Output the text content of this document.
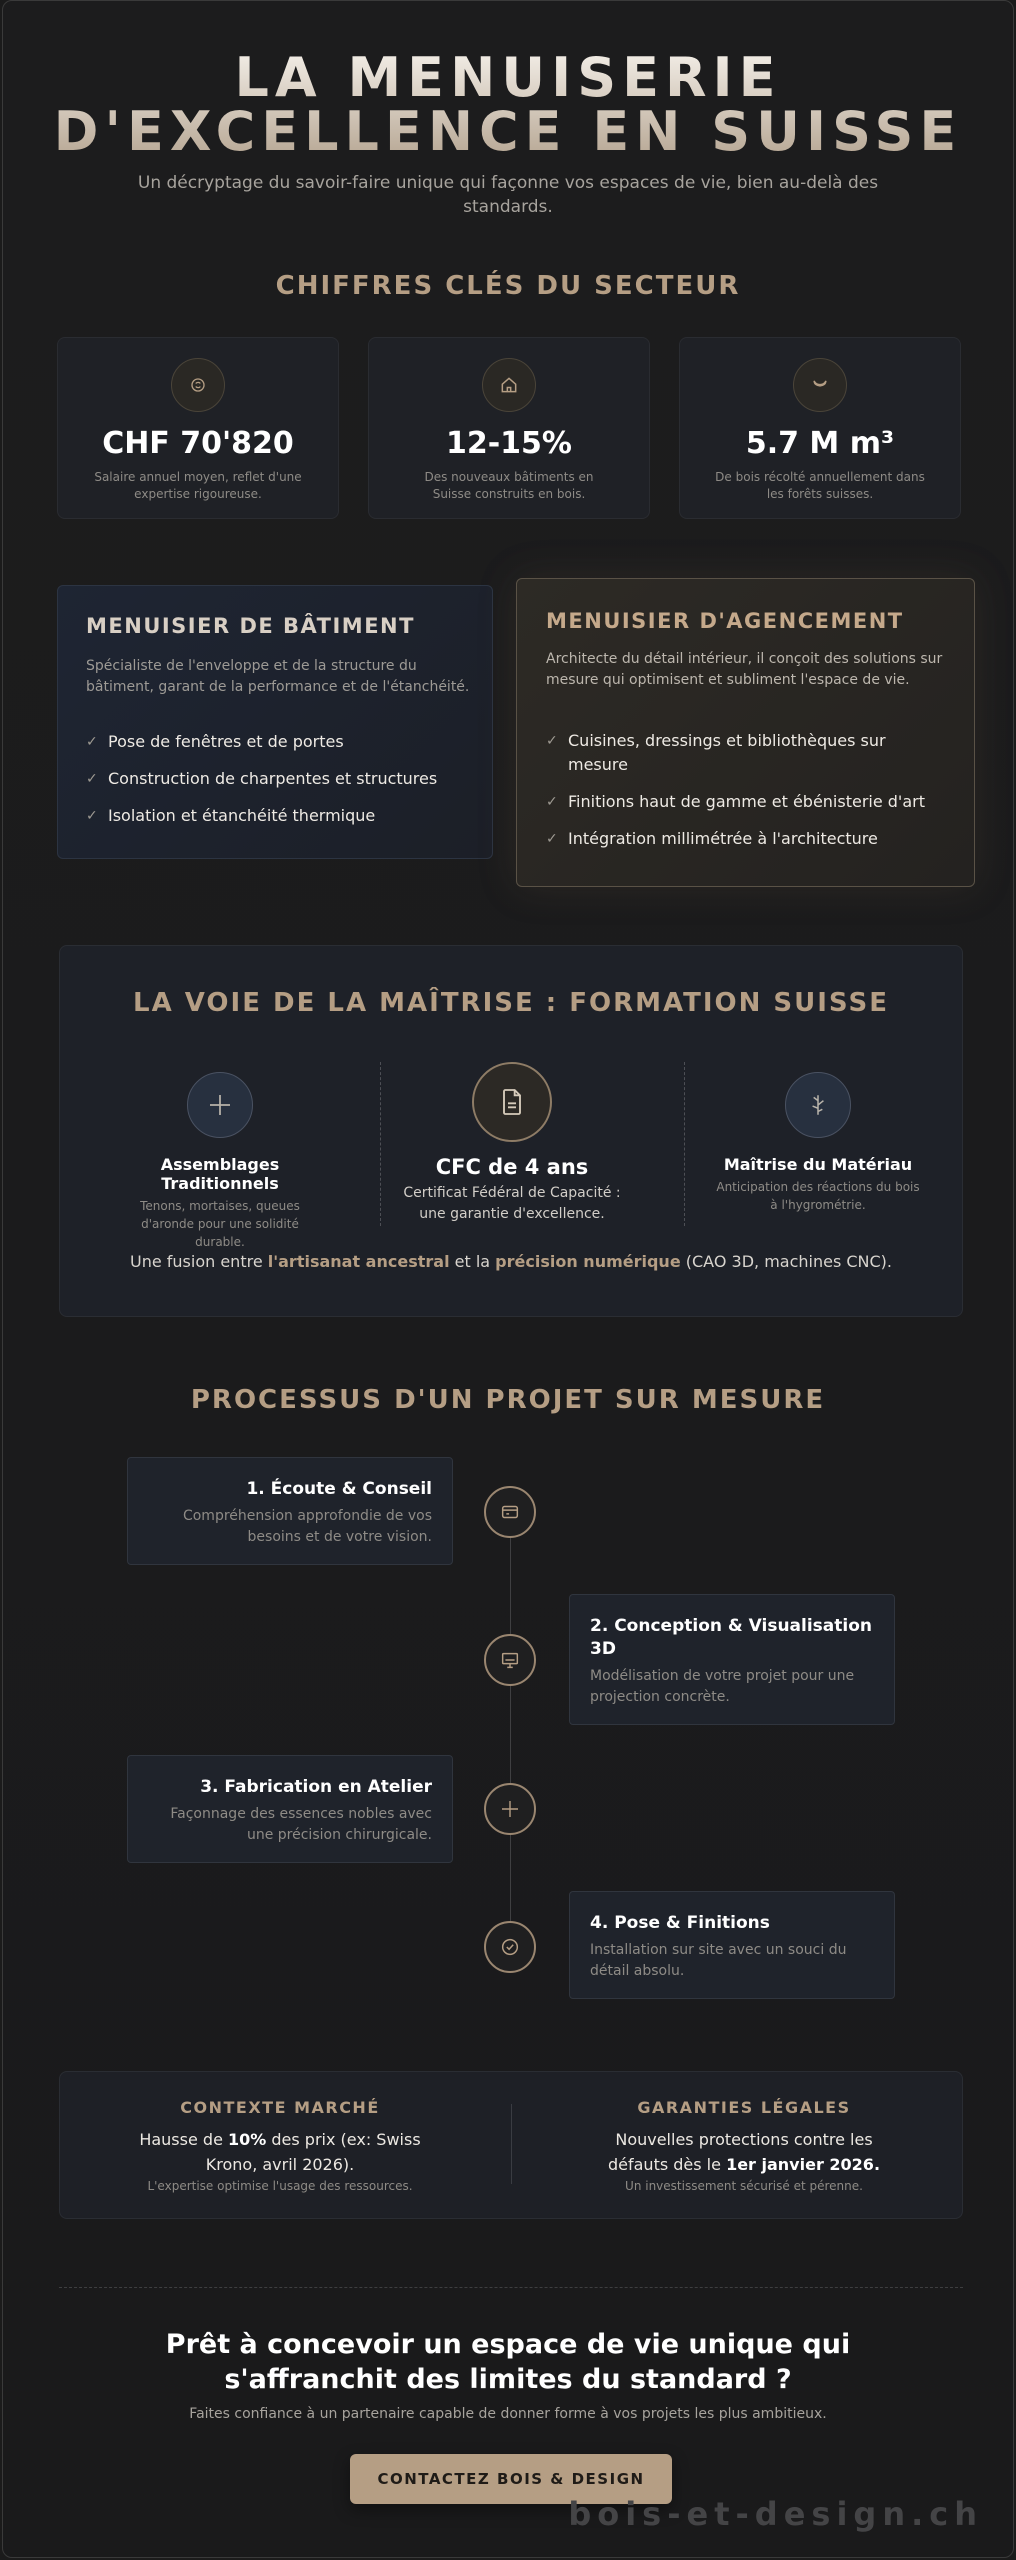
LA MENUISERIE
D'EXCELLENCE EN SUISSE

Un décryptage du savoir-faire unique qui façonne vos espaces de vie, bien au-delà des standards.

CHIFFRES CLÉS DU SECTEUR
CHF 70'820
Salaire annuel moyen, reflet d'une expertise rigoureuse.
12-15%
Des nouveaux bâtiments en Suisse construits en bois.
5.7 M m³
De bois récolté annuellement dans les forêts suisses.
MENUISIER DE BÂTIMENT

Spécialiste de l'enveloppe et de la structure du bâtiment, garant de la performance et de l'étanchéité.

✓ Pose de fenêtres et de portes
✓ Construction de charpentes et structures
✓ Isolation et étanchéité thermique
MENUISIER D'AGENCEMENT

Architecte du détail intérieur, il conçoit des solutions sur mesure qui optimisent et subliment l'espace de vie.

✓ Cuisines, dressings et bibliothèques sur mesure
✓ Finitions haut de gamme et ébénisterie d'art
✓ Intégration millimétrée à l'architecture
LA VOIE DE LA MAÎTRISE : FORMATION SUISSE
Assemblages Traditionnels
Tenons, mortaises, queues d'aronde pour une solidité durable.
CFC de 4 ans
Certificat Fédéral de Capacité : une garantie d'excellence.
Maîtrise du Matériau
Anticipation des réactions du bois à l'hygrométrie.
Une fusion entre l'artisanat ancestral et la précision numérique (CAO 3D, machines CNC).
PROCESSUS D'UN PROJET SUR MESURE
1. Écoute & Conseil
Compréhension approfondie de vos besoins et de votre vision.
2. Conception & Visualisation 3D
Modélisation de votre projet pour une projection concrète.
3. Fabrication en Atelier
Façonnage des essences nobles avec une précision chirurgicale.
4. Pose & Finitions
Installation sur site avec un souci du détail absolu.
CONTEXTE MARCHÉ
Hausse de 10% des prix (ex: Swiss Krono, avril 2026).
L'expertise optimise l'usage des ressources.
GARANTIES LÉGALES
Nouvelles protections contre les défauts dès le 1er janvier 2026.
Un investissement sécurisé et pérenne.
Prêt à concevoir un espace de vie unique qui
s'affranchit des limites du standard ?

Faites confiance à un partenaire capable de donner forme à vos projets les plus ambitieux.

CONTACTEZ BOIS & DESIGN
bois-et-design.ch
